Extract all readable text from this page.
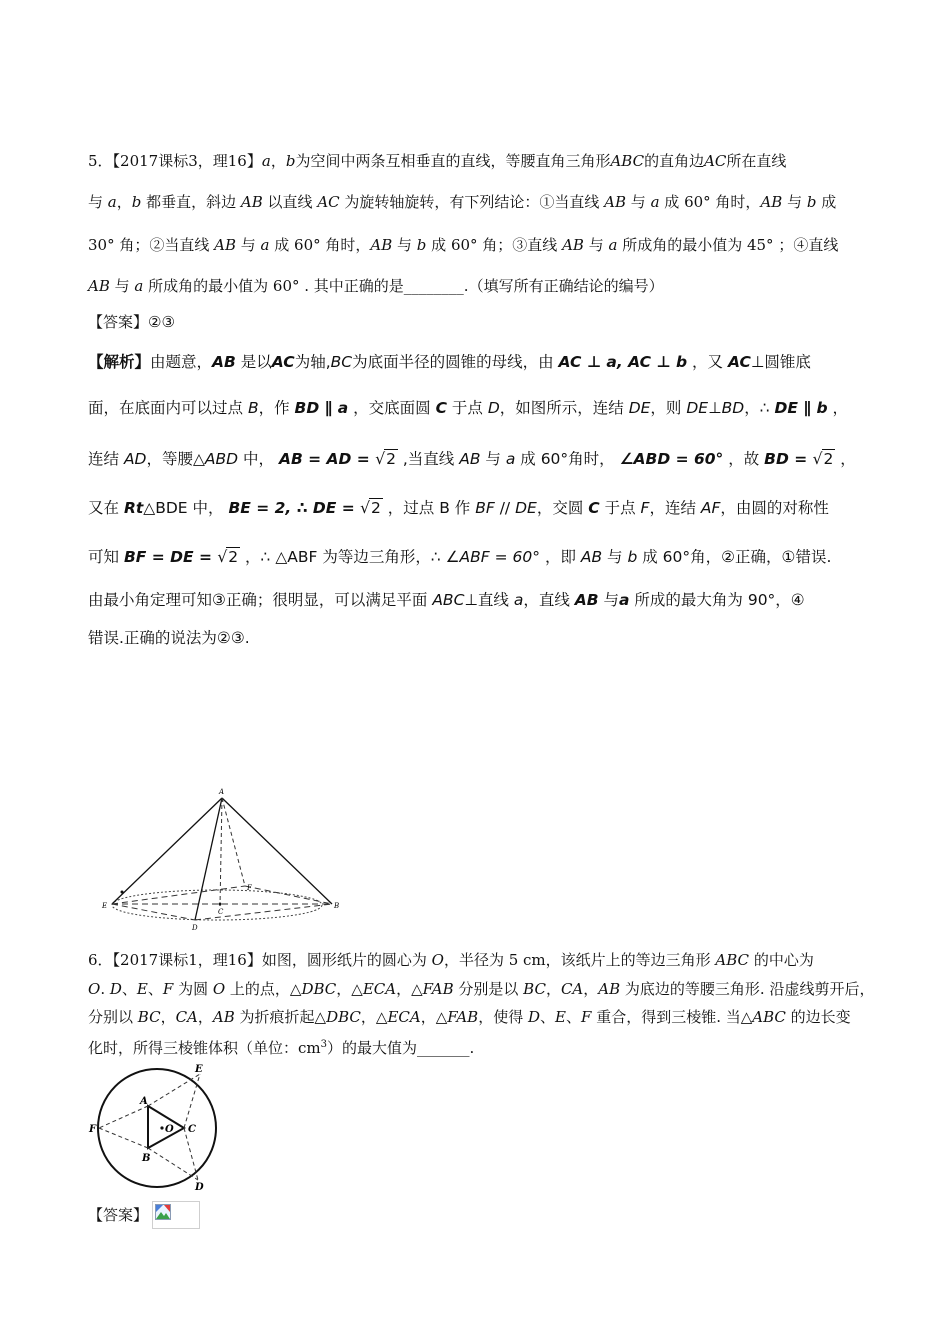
5．【2017课标3，理16】a，b为空间中两条互相垂直的直线，等腰直角三角形ABC的直角边AC所在直线
与 a，b 都垂直，斜边 AB 以直线 AC 为旋转轴旋转，有下列结论：①当直线 AB 与 a 成 60° 角时，AB 与 b 成
30° 角；②当直线 AB 与 a 成 60° 角时，AB 与 b 成 60° 角；③直线 AB 与 a 所成角的最小值为 45° ；④直线
AB 与 a 所成角的最小值为 60° . 其中正确的是________.（填写所有正确结论的编号）
【答案】②③
【解析】由题意，AB 是以AC为轴,BC为底面半径的圆锥的母线，由 AC ⊥ a, AC ⊥ b ，又 AC⊥圆锥底
面，在底面内可以过点 B，作 BD ∥ a ，交底面圆 C 于点 D，如图所示，连结 DE，则 DE⊥BD，∴ DE ∥ b ，
连结 AD，等腰△ABD 中， AB = AD = √2 ,当直线 AB 与 a 成 60°角时， ∠ABD = 60° ，故 BD = √2 ，
又在 Rt△BDE 中， BE = 2, ∴ DE = √2 ，过点 B 作 BF // DE，交圆 C 于点 F，连结 AF，由圆的对称性
可知 BF = DE = √2 ，∴ △ABF 为等边三角形，∴ ∠ABF = 60° ，即 AB 与 b 成 60°角，②正确，①错误.
由最小角定理可知③正确；很明显，可以满足平面 ABC⊥直线 a，直线 AB 与a 所成的最大角为 90°，④
错误.正确的说法为②③.
A
E	B
C
D
F
6．【2017课标1，理16】如图，圆形纸片的圆心为 O，半径为 5 cm，该纸片上的等边三角形 ABC 的中心为
O. D、E、F 为圆 O 上的点，△DBC，△ECA，△FAB 分别是以 BC，CA，AB 为底边的等腰三角形. 沿虚线剪开后，
分别以 BC，CA，AB 为折痕折起△DBC，△ECA，△FAB，使得 D、E、F 重合，得到三棱锥. 当△ABC 的边长变
化时，所得三棱锥体积（单位：$cm^3$）的最大值为_______.
E
A
O C
F
B
D
【答案】
